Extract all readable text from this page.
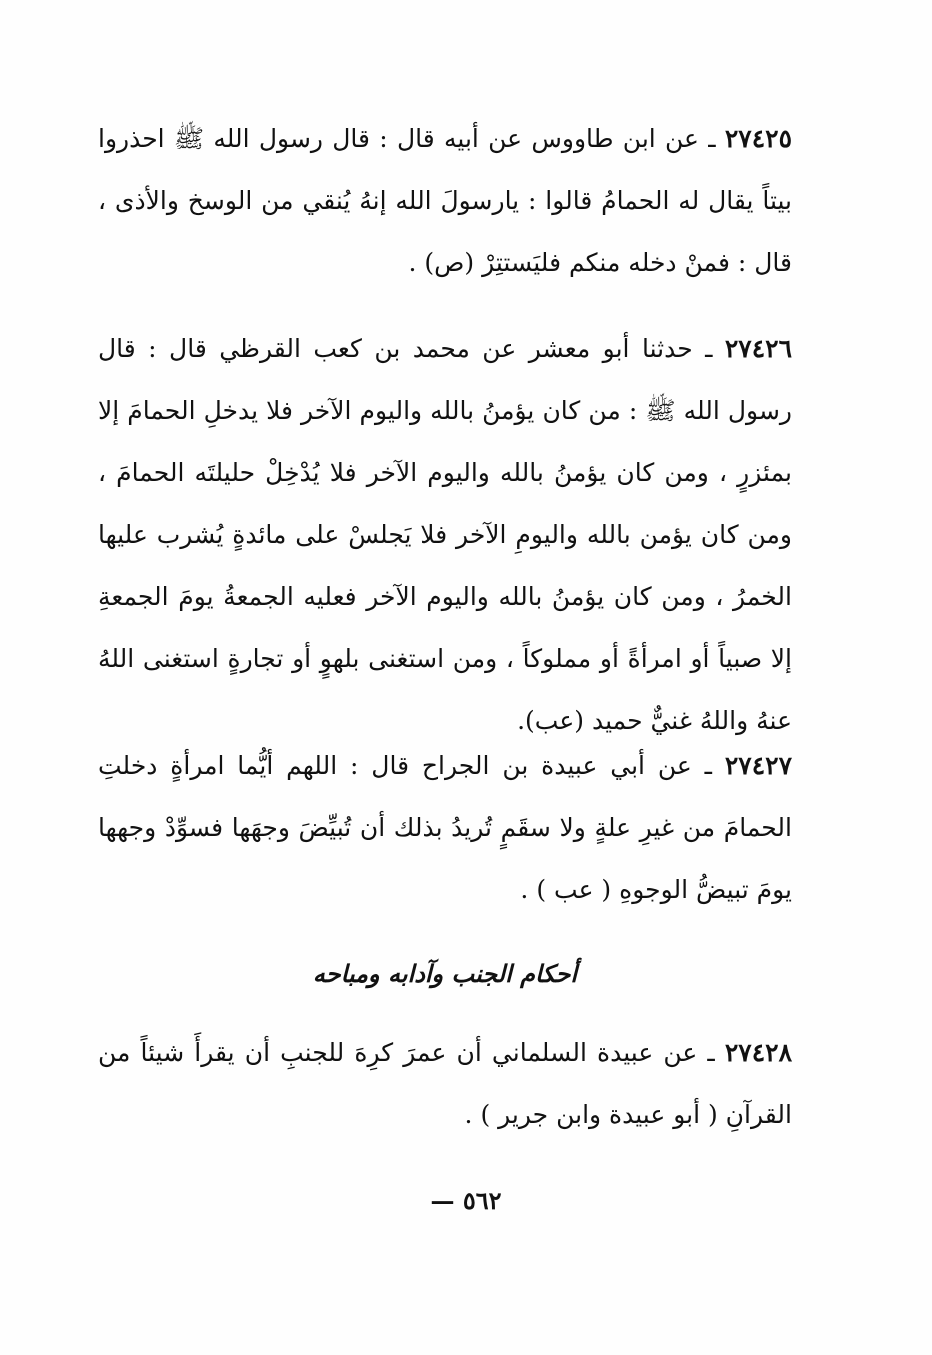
٢٧٤٢٥ ـ عن ابن طاووس عن أبيه قال : قال رسول الله ﷺ احذروا بيتاً يقال له الحمامُ قالوا : يارسولَ الله إنهُ يُنقي من الوسخ والأذى ، قال : فمنْ دخله منكم فليَستتِرْ (ص) .
٢٧٤٢٦ ـ حدثنا أبو معشر عن محمد بن كعب القرظي قال : قال رسول الله ﷺ : من كان يؤمنُ بالله واليوم الآخر فلا يدخلِ الحمامَ إلا بمئزرٍ ، ومن كان يؤمنُ بالله واليوم الآخر فلا يُدْخِلْ حليلتَه الحمامَ ، ومن كان يؤمن بالله واليومِ الآخر فلا يَجلسْ على مائدةٍ يُشرب عليها الخمرُ ، ومن كان يؤمنُ بالله واليوم الآخر فعليه الجمعةُ يومَ الجمعةِ إلا صبياً أو امرأةً أو مملوكاً ، ومن استغنى بلهوٍ أو تجارةٍ استغنى اللهُ عنهُ واللهُ غنيٌّ حميد (عب).
٢٧٤٢٧ ـ عن أبي عبيدة بن الجراح قال : اللهم أيُّما امرأةٍ دخلتِ الحمامَ من غيرِ علةٍ ولا سقَمٍ تُريدُ بذلك أن تُبيِّضَ وجهَها فسوِّدْ وجهها يومَ تبيضُّ الوجوهِ ( عب ) .
أحكام الجنب وآدابه ومباحه
٢٧٤٢٨ ـ عن عبيدة السلماني أن عمرَ كرِهَ للجنبِ أن يقرأَ شيئاً من القرآنِ ( أبو عبيدة وابن جرير ) .
٥٦٢ —
